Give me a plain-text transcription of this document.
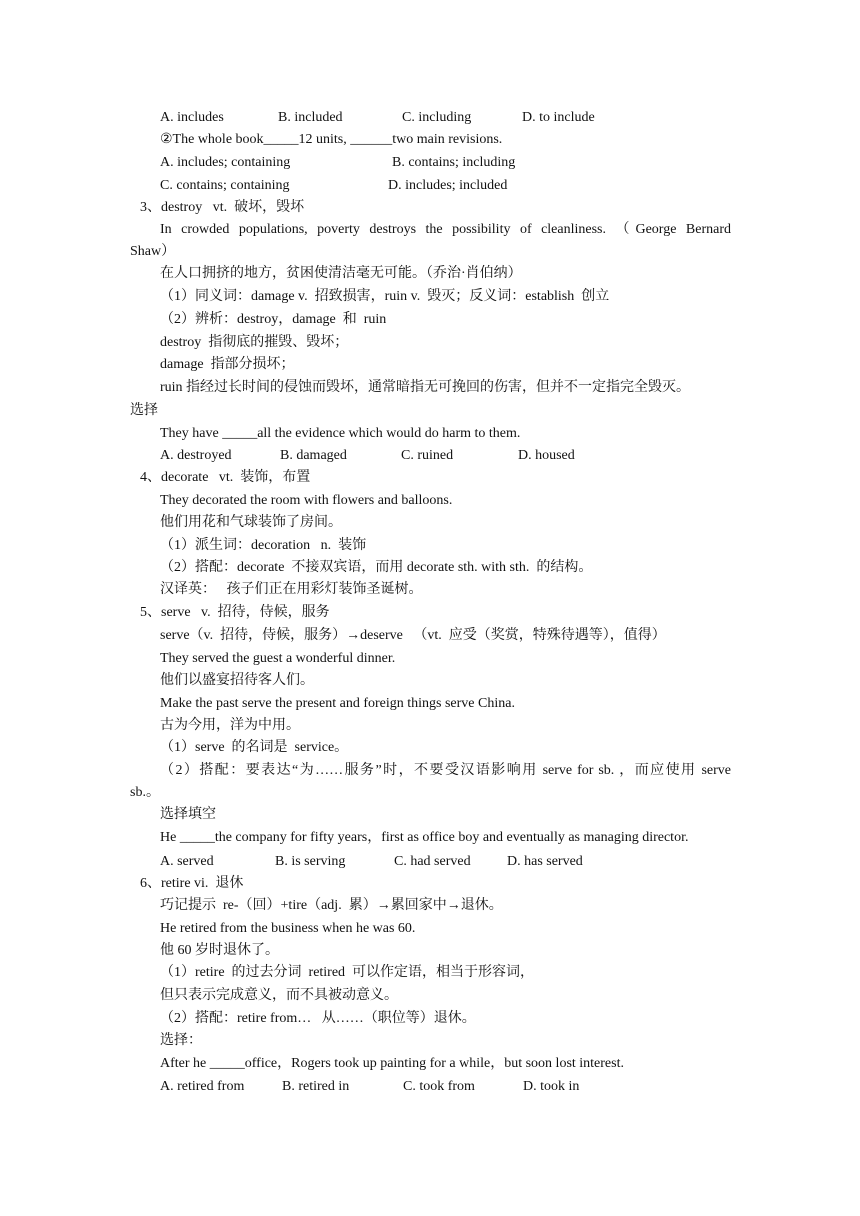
A. includes

	B. included

	C. including

	D. to include

②The whole book_____12 units, ______two main revisions.

A. includes; containing

	B. contains; including

C. contains; containing

	D. includes; included

3、destroy   vt.  破坏，毁坏
In crowded populations, poverty destroys the possibility of cleanliness. （George Bernard
Shaw）
在人口拥挤的地方，贫困使清洁毫无可能。（乔治·肖伯纳）
（1）同义词：damage v.  招致损害，ruin v.  毁灭；反义词：establish  创立
（2）辨析：destroy，damage  和  ruin
destroy  指彻底的摧毁、毁坏；
damage  指部分损坏；
ruin 指经过长时间的侵蚀而毁坏，通常暗指无可挽回的伤害，但并不一定指完全毁灭。
选择
They have _____all the evidence which would do harm to them.

A. destroyed

	B. damaged

	C. ruined

	D. housed

4、decorate   vt.  装饰，布置
They decorated the room with flowers and balloons.
他们用花和气球装饰了房间。
（1）派生词：decoration   n.  装饰
（2）搭配：decorate  不接双宾语，而用 decorate sth. with sth.  的结构。
汉译英：   孩子们正在用彩灯装饰圣诞树。
5、serve   v.  招待，侍候，服务
serve（v.  招待，侍候，服务）→deserve   （vt.  应受（奖赏，特殊待遇等），值得）
They served the guest a wonderful dinner.
他们以盛宴招待客人们。
Make the past serve the present and foreign things serve China.
古为今用，洋为中用。
（1）serve  的名词是  service。
（2）搭配：要表达“为……服务”时，不要受汉语影响用 serve for sb. ，而应使用 serve
sb.。
选择填空
He _____the company for fifty years，first as office boy and eventually as managing director.

A. served

	B. is serving

	C. had served

	D. has served

6、retire vi.  退休
巧记提示  re-（回）+tire（adj.  累）→累回家中→退休。
He retired from the business when he was 60.
他 60 岁时退休了。
（1）retire  的过去分词  retired  可以作定语，相当于形容词，
但只表示完成意义，而不具被动意义。
（2）搭配：retire from…   从……（职位等）退休。
选择：
After he _____office，Rogers took up painting for a while，but soon lost interest.

A. retired from

	B. retired in

	C. took from

	D. took in
